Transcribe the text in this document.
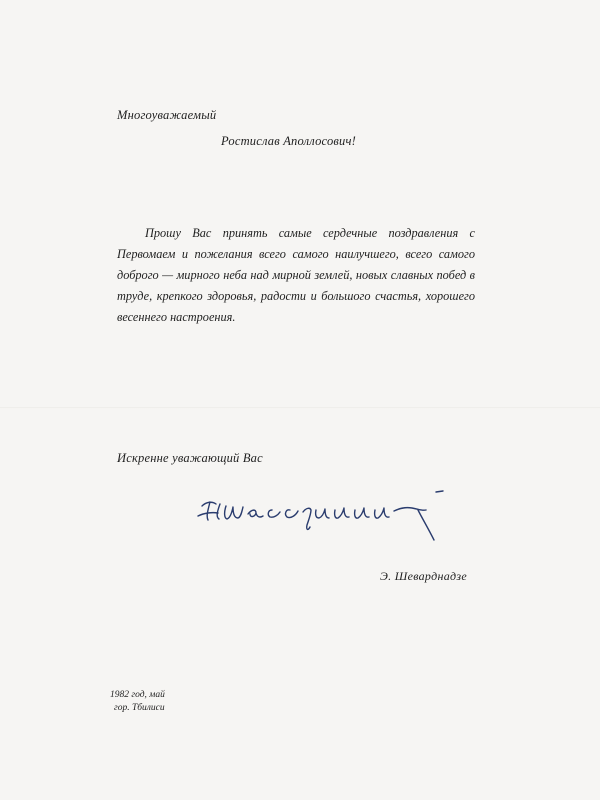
Многоуважаемый
Ростислав Аполлосович!

Прошу Вас принять самые сердечные поздравления с Первомаем и пожелания всего самого наилучшего, всего самого доброго — мирного неба над мирной землей, новых славных побед в труде, крепкого здоровья, радости и большого счастья, хорошего весеннего настроения.

Искренне уважающий Вас
Э. Шеварднадзе
1982 год, май
гор. Тбилиси
